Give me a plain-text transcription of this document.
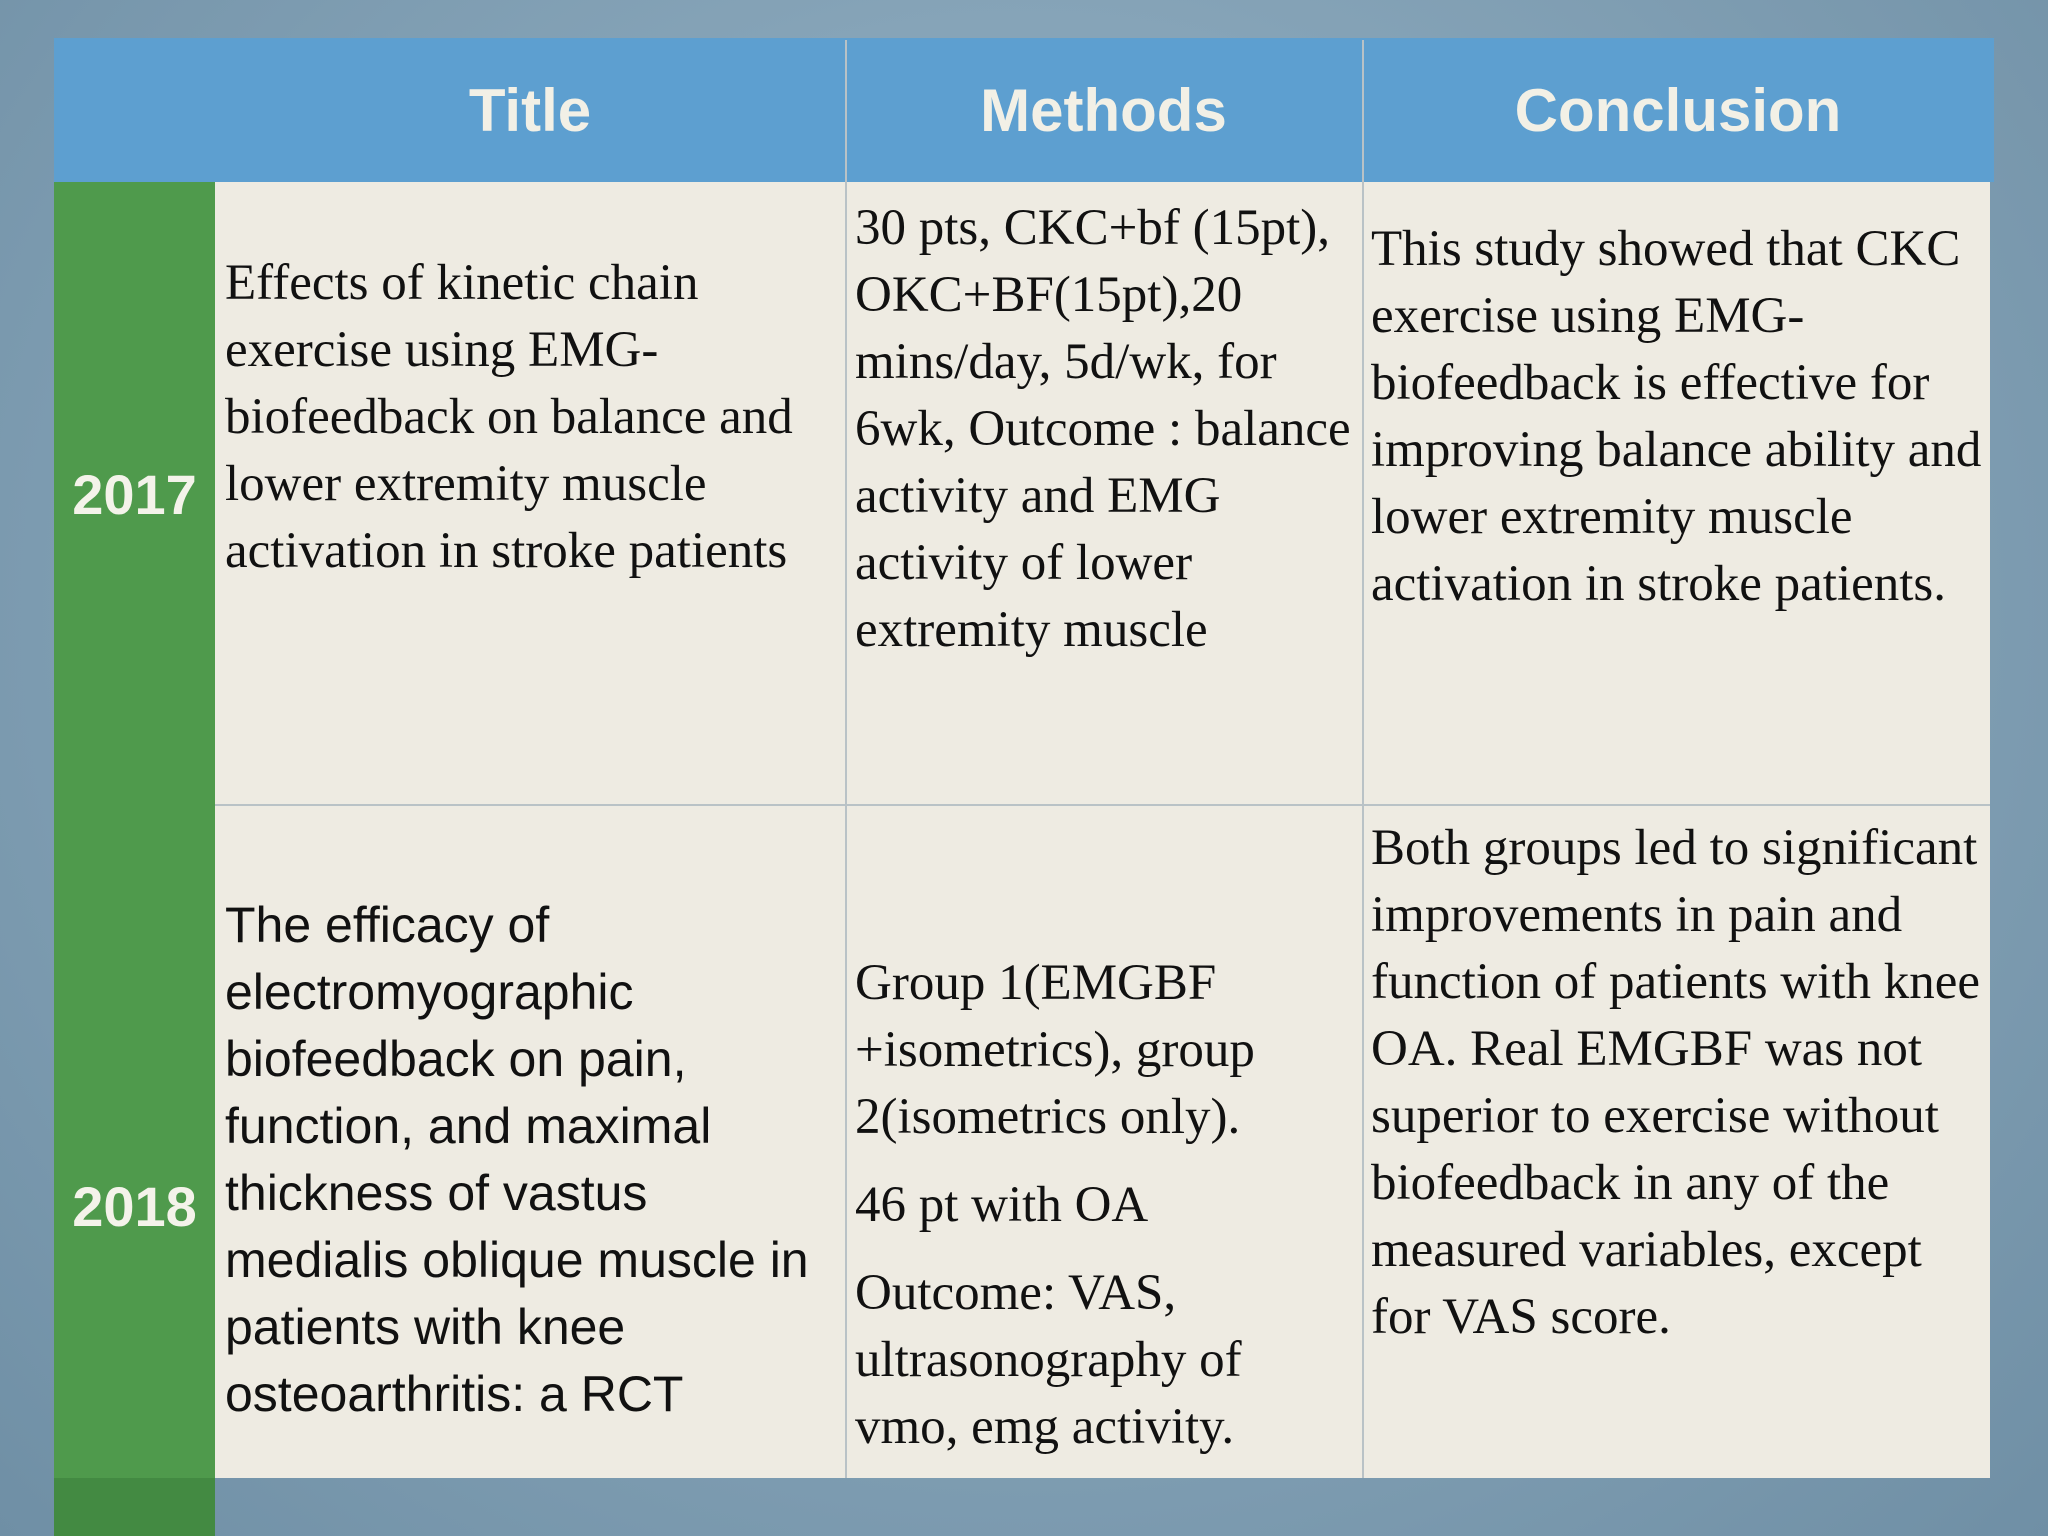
Title	Methods	Conclusion
2017
Effects of kinetic chain exercise using EMG-biofeedback on balance and lower extremity muscle activation in stroke patients

30 pts, CKC+bf (15pt), OKC+BF(15pt),20 mins/day, 5d/wk, for 6wk, Outcome : balance activity and EMG activity of lower extremity muscle

This study showed that CKC exercise using EMG-biofeedback is effective for improving balance ability and lower extremity muscle activation in stroke patients.
2018
The efficacy of electromyographic biofeedback on pain, function, and maximal thickness of vastus medialis oblique muscle in patients with knee osteoarthritis: a RCT

Group 1(EMGBF +isometrics), group 2(isometrics only).

46 pt with OA

Outcome: VAS, ultrasonography of vmo, emg activity.

Both groups led to significant improvements in pain and function of patients with knee OA. Real EMGBF was not superior to exercise without biofeedback in any of the measured variables, except for VAS score.
